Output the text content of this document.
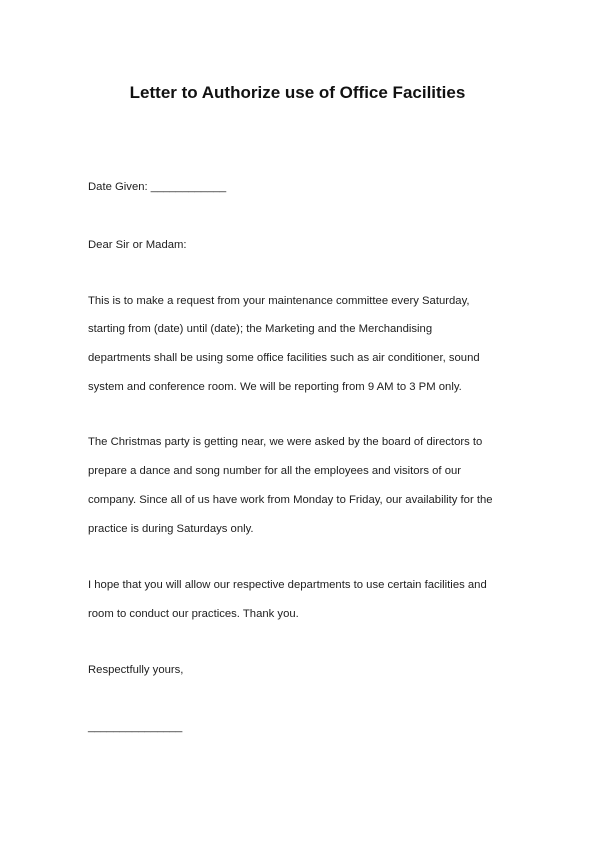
Letter to Authorize use of Office Facilities
Date Given: ____________
Dear Sir or Madam:
This is to make a request from your maintenance committee every Saturday,
starting from (date) until (date); the Marketing and the Merchandising
departments shall be using some office facilities such as air conditioner, sound
system and conference room. We will be reporting from 9 AM to 3 PM only.
The Christmas party is getting near, we were asked by the board of directors to
prepare a dance and song number for all the employees and visitors of our
company. Since all of us have work from Monday to Friday, our availability for the
practice is during Saturdays only.
I hope that you will allow our respective departments to use certain facilities and
room to conduct our practices. Thank you.
Respectfully yours,
_______________
